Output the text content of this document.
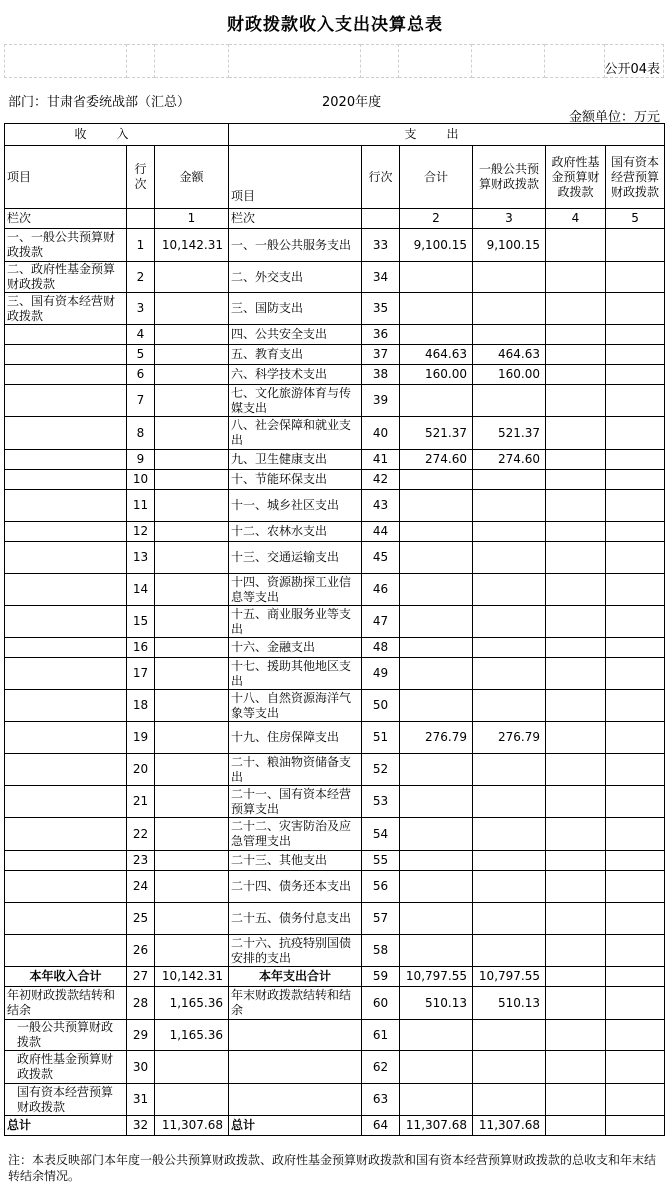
财政拨款收入支出决算总表

公开04表
部门：甘肃省委统战部（汇总）	2020年度
金额单位：万元
收入			支出					
项目	行次	金额	项目	行次	合计	一般公共预算财政拨款	政府性基金预算财政拨款	国有资本经营预算财政拨款
栏次		1	栏次		2	3	4	5
一、一般公共预算财政拨款	1	10,142.31	一、一般公共服务支出	33	9,100.15	9,100.15		
二、政府性基金预算财政拨款	2		二、外交支出	34				
三、国有资本经营财政拨款	3		三、国防支出	35				
	4		四、公共安全支出	36				
	5		五、教育支出	37	464.63	464.63		
	6		六、科学技术支出	38	160.00	160.00		
	7		七、文化旅游体育与传媒支出	39				
	8		八、社会保障和就业支出	40	521.37	521.37		
	9		九、卫生健康支出	41	274.60	274.60		
	10		十、节能环保支出	42				
	11		十一、城乡社区支出	43				
	12		十二、农林水支出	44				
	13		十三、交通运输支出	45				
	14		十四、资源勘探工业信息等支出	46				
	15		十五、商业服务业等支出	47				
	16		十六、金融支出	48				
	17		十七、援助其他地区支出	49				
	18		十八、自然资源海洋气象等支出	50				
	19		十九、住房保障支出	51	276.79	276.79		
	20		二十、粮油物资储备支出	52				
	21		二十一、国有资本经营预算支出	53				
	22		二十二、灾害防治及应急管理支出	54				
	23		二十三、其他支出	55				
	24		二十四、债务还本支出	56				
	25		二十五、债务付息支出	57				
	26		二十六、抗疫特别国债安排的支出	58				
本年收入合计	27	10,142.31	本年支出合计	59	10,797.55	10,797.55		
年初财政拨款结转和结余	28	1,165.36	年末财政拨款结转和结余	60	510.13	510.13		
一般公共预算财政拨款	29	1,165.36		61				
政府性基金预算财政拨款	30			62				
国有资本经营预算财政拨款	31			63				
总计	32	11,307.68	总计	64	11,307.68	11,307.68		
注：本表反映部门本年度一般公共预算财政拨款、政府性基金预算财政拨款和国有资本经营预算财政拨款的总收支和年末结转结余情况。
